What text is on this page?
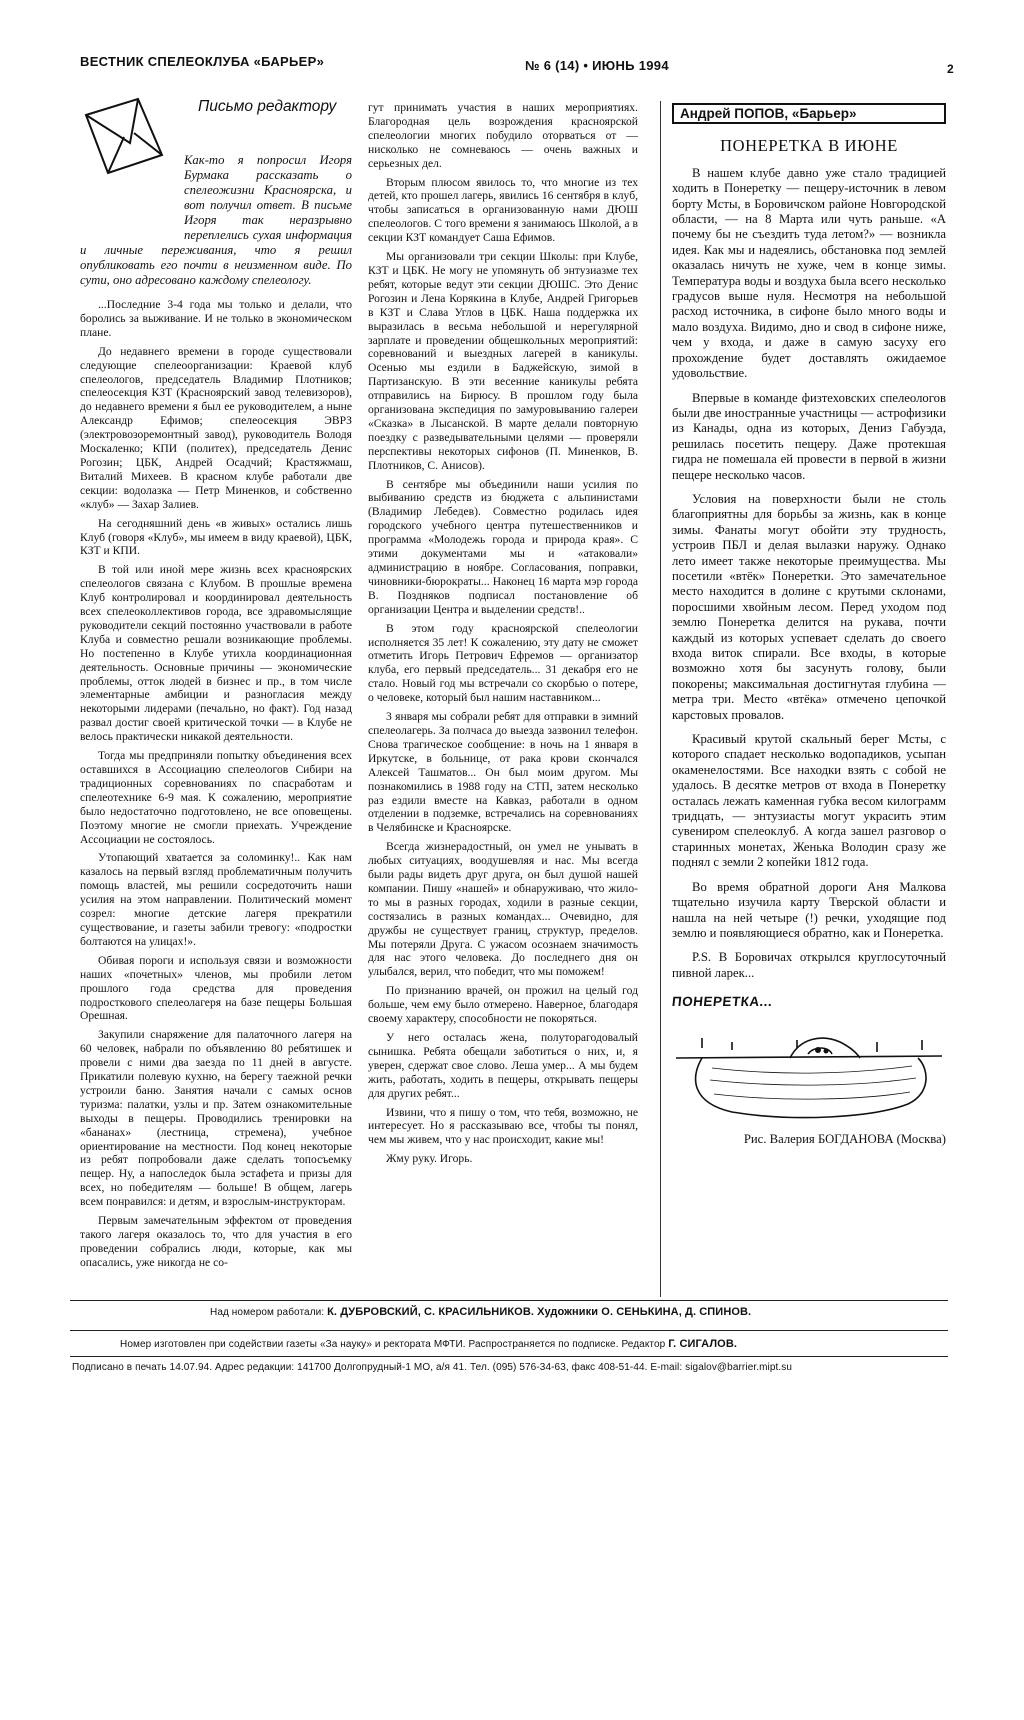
ВЕСТНИК СПЕЛЕОКЛУБА «БАРЬЕР»	№ 6 (14) • ИЮНЬ 1994	2
Письмо редактору
Как-то я попросил Игоря Бурмака рассказать о спелеожизни Красноярска, и вот получил ответ. В письме Игоря так неразрывно переплелись сухая информация и личные переживания, что я решил опубликовать его почти в неизменном виде. По сути, оно адресовано каждому спелеологу.

...Последние 3-4 года мы только и делали, что боролись за выживание. И не только в экономическом плане.

До недавнего времени в городе существовали следующие спелеоорганизации: Краевой клуб спелеологов, председатель Владимир Плотников; спелеосекция КЗТ (Красноярский завод телевизоров), до недавнего времени я был ее руководителем, а ныне Александр Ефимов; спелеосекция ЭВРЗ (электровозоремонтный завод), руководитель Володя Москаленко; КПИ (политех), председатель Денис Рогозин; ЦБК, Андрей Осадчий; Крастяжмаш, Виталий Михеев. В красном клубе работали две секции: водолазка — Петр Миненков, и собственно «клуб» — Захар Залиев.

На сегодняшний день «в живых» остались лишь Клуб (говоря «Клуб», мы имеем в виду краевой), ЦБК, КЗТ и КПИ.

В той или иной мере жизнь всех красноярских спелеологов связана с Клубом. В прошлые времена Клуб контролировал и координировал деятельность всех спелеоколлективов города, все здравомыслящие руководители секций постоянно участвовали в работе Клуба и совместно решали возникающие проблемы. Но постепенно в Клубе утихла координационная деятельность. Основные причины — экономические проблемы, отток людей в бизнес и пр., в том числе элементарные амбиции и разногласия между некоторыми лидерами (печально, но факт). Год назад развал достиг своей критической точки — в Клубе не велось практически никакой деятельности.

Тогда мы предприняли попытку объединения всех оставшихся в Ассоциацию спелеологов Сибири на традиционных соревнованиях по спасработам и спелеотехнике 6-9 мая. К сожалению, мероприятие было недостаточно подготовлено, не все оповещены. Поэтому многие не смогли приехать. Учреждение Ассоциации не состоялось.

Утопающий хватается за соломинку!.. Как нам казалось на первый взгляд проблематичным получить помощь властей, мы решили сосредоточить наши усилия на этом направлении. Политический момент созрел: многие детские лагеря прекратили существование, и газеты забили тревогу: «подростки болтаются на улицах!».

Обивая пороги и используя связи и возможности наших «почетных» членов, мы пробили летом прошлого года средства для проведения подросткового спелеолагеря на базе пещеры Большая Орешная.

Закупили снаряжение для палаточного лагеря на 60 человек, набрали по объявлению 80 ребятишек и провели с ними два заезда по 11 дней в августе. Прикатили полевую кухню, на берегу таежной речки устроили баню. Занятия начали с самых основ туризма: палатки, узлы и пр. Затем ознакомительные выходы в пещеры. Проводились тренировки на «бананах» (лестница, стремена), учебное ориентирование на местности. Под конец некоторые из ребят попробовали даже сделать топосъемку пещер. Ну, а напоследок была эстафета и призы для всех, но победителям — больше! В общем, лагерь всем понравился: и детям, и взрослым-инструкторам.

Первым замечательным эффектом от проведения такого лагеря оказалось то, что для участия в его проведении собрались люди, которые, как мы опасались, уже никогда не со-

гут принимать участия в наших мероприятиях. Благородная цель возрождения красноярской спелеологии многих побудило оторваться от — нисколько не сомневаюсь — очень важных и серьезных дел.

Вторым плюсом явилось то, что многие из тех детей, кто прошел лагерь, явились 16 сентября в клуб, чтобы записаться в организованную нами ДЮШ спелеологов. С того времени я занимаюсь Школой, а в секции КЗТ командует Саша Ефимов.

Мы организовали три секции Школы: при Клубе, КЗТ и ЦБК. Не могу не упомянуть об энтузиазме тех ребят, которые ведут эти секции ДЮШС. Это Денис Рогозин и Лена Корякина в Клубе, Андрей Григорьев в КЗТ и Слава Углов в ЦБК. Наша поддержка их выразилась в весьма небольшой и нерегулярной зарплате и проведении общешкольных мероприятий: соревнований и выездных лагерей в каникулы. Осенью мы ездили в Баджейскую, зимой в Партизанскую. В эти весенние каникулы ребята отправились на Бирюсу. В прошлом году была организована экспедиция по замуровыванию галереи «Сказка» в Лысанской. В марте делали повторную поездку с разведывательными целями — проверяли перспективы некоторых сифонов (П. Миненков, В. Плотников, С. Анисов).

В сентябре мы объединили наши усилия по выбиванию средств из бюджета с альпинистами (Владимир Лебедев). Совместно родилась идея городского учебного центра путешественников и программа «Молодежь города и природа края». С этими документами мы и «атаковали» администрацию в ноябре. Согласования, поправки, чиновники-бюрократы... Наконец 16 марта мэр города В. Поздняков подписал постановление об организации Центра и выделении средств!..

В этом году красноярской спелеологии исполняется 35 лет! К сожалению, эту дату не сможет отметить Игорь Петрович Ефремов — организатор клуба, его первый председатель... 31 декабря его не стало. Новый год мы встречали со скорбью о потере, о человеке, который был нашим наставником...

3 января мы собрали ребят для отправки в зимний спелеолагерь. За полчаса до выезда зазвонил телефон. Снова трагическое сообщение: в ночь на 1 января в Иркутске, в больнице, от рака крови скончался Алексей Ташматов... Он был моим другом. Мы познакомились в 1988 году на СТП, затем несколько раз ездили вместе на Кавказ, работали в одном отделении в подземке, встречались на соревнованиях в Челябинске и Красноярске.

Всегда жизнерадостный, он умел не унывать в любых ситуациях, воодушевляя и нас. Мы всегда были рады видеть друг друга, он был душой нашей компании. Пишу «нашей» и обнаруживаю, что жило-то мы в разных городах, ходили в разные секции, состязались в разных командах... Очевидно, для дружбы не существует границ, структур, пределов. Мы потеряли Друга. С ужасом осознаем значимость для нас этого человека. До последнего дня он улыбался, верил, что победит, что мы поможем!

По признанию врачей, он прожил на целый год больше, чем ему было отмерено. Наверное, благодаря своему характеру, способности не покоряться.

У него осталась жена, полуторагодовалый сынишка. Ребята обещали заботиться о них, и, я уверен, сдержат свое слово. Леша умер... А мы будем жить, работать, ходить в пещеры, открывать пещеры для других ребят...

Извини, что я пишу о том, что тебя, возможно, не интересует. Но я рассказываю все, чтобы ты понял, чем мы живем, что у нас происходит, какие мы!

Жму руку. Игорь.

Андрей ПОПОВ, «Барьер»
ПОНЕРЕТКА В ИЮНЕ

В нашем клубе давно уже стало традицией ходить в Понеретку — пещеру-источник в левом борту Мсты, в Боровичском районе Новгородской области, — на 8 Марта или чуть раньше. «А почему бы не съездить туда летом?» — возникла идея. Как мы и надеялись, обстановка под землей оказалась ничуть не хуже, чем в конце зимы. Температура воды и воздуха была всего несколько градусов выше нуля. Несмотря на небольшой расход источника, в сифоне было много воды и мало воздуха. Видимо, дно и свод в сифоне ниже, чем у входа, и даже в самую засуху его прохождение будет доставлять ожидаемое удовольствие.

Впервые в команде физтеховских спелеологов были две иностранные участницы — астрофизики из Канады, одна из которых, Дениз Габуэда, решилась посетить пещеру. Даже протекшая гидра не помешала ей провести в первой в жизни пещере несколько часов.

Условия на поверхности были не столь благоприятны для борьбы за жизнь, как в конце зимы. Фанаты могут обойти эту трудность, устроив ПБЛ и делая вылазки наружу. Однако лето имеет также некоторые преимущества. Мы посетили «втёк» Понеретки. Это замечательное место находится в долине с крутыми склонами, поросшими хвойным лесом. Перед уходом под землю Понеретка делится на рукава, почти каждый из которых успевает сделать до своего входа виток спирали. Все входы, в которые возможно хотя бы засунуть голову, были покорены; максимальная достигнутая глубина — метра три. Место «втёка» отмечено цепочкой карстовых провалов.

Красивый крутой скальный берег Мсты, с которого спадает несколько водопадиков, усыпан окаменелостями. Все находки взять с собой не удалось. В десятке метров от входа в Понеретку осталась лежать каменная губка весом килограмм тридцать, — энтузиасты могут украсить этим сувениром спелеоклуб. А когда зашел разговор о старинных монетах, Женька Володин сразу же поднял с земли 2 копейки 1812 года.

Во время обратной дороги Аня Малкова тщательно изучила карту Тверской области и нашла на ней четыре (!) речки, уходящие под землю и появляющиеся обратно, как и Понеретка.

P.S. В Боровичах открылся круглосуточный пивной ларек...

ПОНЕРЕТКА...
Рис. Валерия БОГДАНОВА (Москва)
Над номером работали: К. ДУБРОВСКИЙ, С. КРАСИЛЬНИКОВ. Художники О. СЕНЬКИНА, Д. СПИНОВ.
Номер изготовлен при содействии газеты «За науку» и ректората МФТИ. Распространяется по подписке. Редактор Г. СИГАЛОВ.
Подписано в печать 14.07.94. Адрес редакции: 141700 Долгопрудный-1 МО, а/я 41. Тел. (095) 576-34-63, факс 408-51-44. E-mail: sigalov@barrier.mipt.su
